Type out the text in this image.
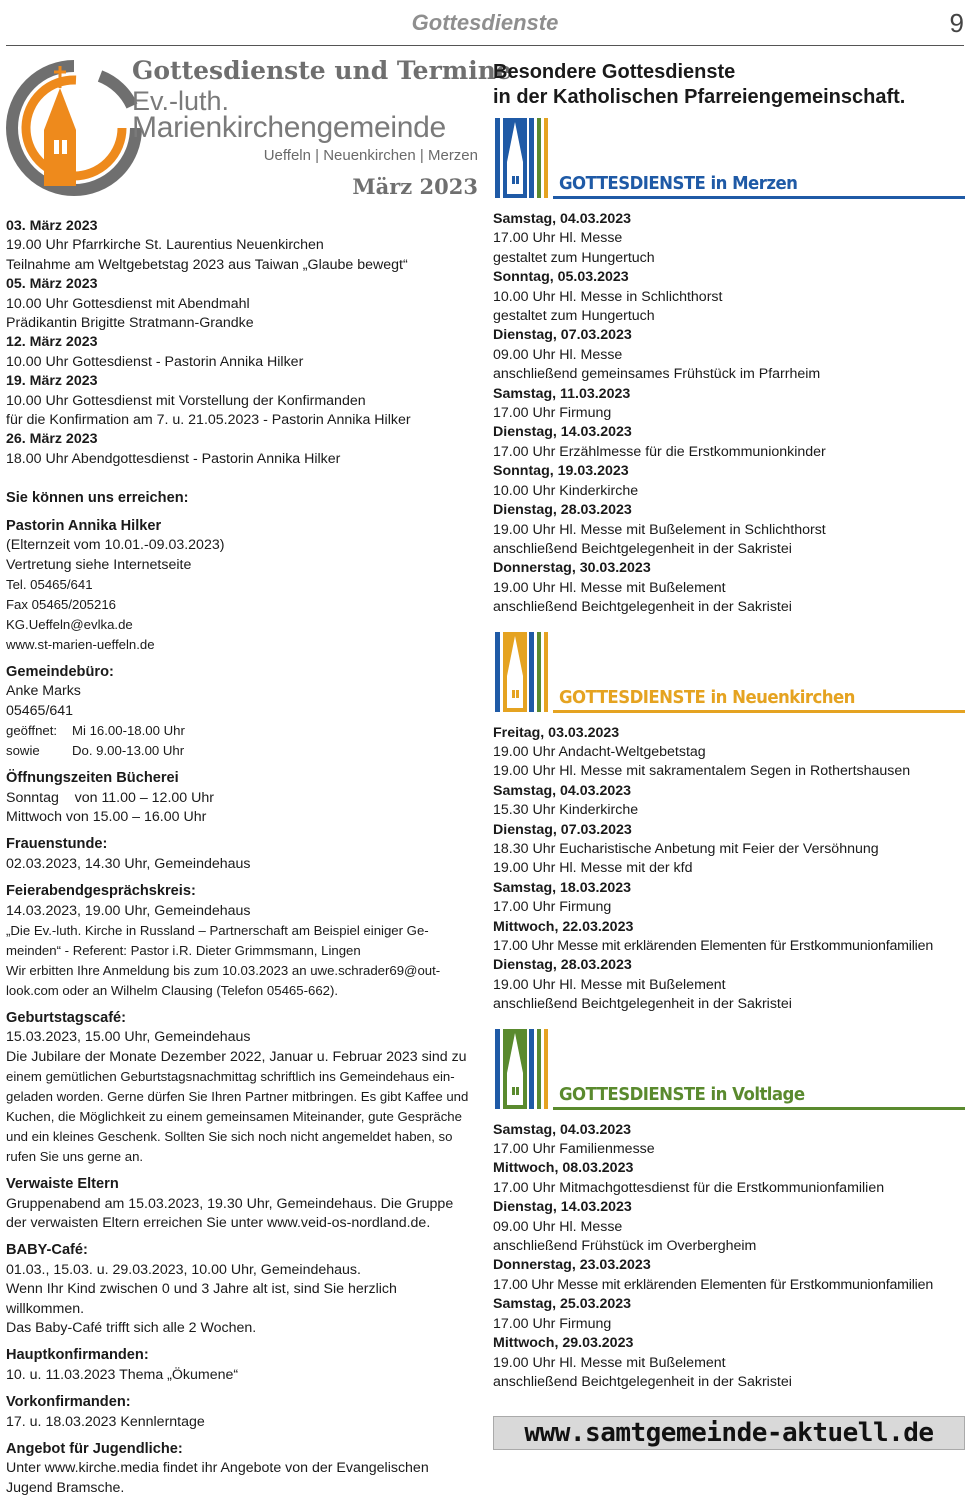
Gottesdienste	9
Gottesdienste und Termine
Ev.-luth.
Marienkirchengemeinde
Ueffeln | Neuenkirchen | Merzen
März 2023
03. März 2023
19.00 Uhr Pfarrkirche St. Laurentius Neuenkirchen
Teilnahme am Weltgebetstag 2023 aus Taiwan „Glaube bewegt“
05. März 2023
10.00 Uhr Gottesdienst mit Abendmahl
Prädikantin Brigitte Stratmann-Grandke
12. März 2023
10.00 Uhr Gottesdienst - Pastorin Annika Hilker
19. März 2023
10.00 Uhr Gottesdienst mit Vorstellung der Konfirmanden
für die Konfirmation am 7. u. 21.05.2023 - Pastorin Annika Hilker
26. März 2023
18.00 Uhr Abendgottesdienst - Pastorin Annika Hilker
Sie können uns erreichen:
Pastorin Annika Hilker
(Elternzeit vom 10.01.-09.03.2023)
Vertretung siehe Internetseite
Tel. 05465/641
Fax 05465/205216
KG.Ueffeln@evlka.de
www.st-marien-ueffeln.de
Gemeindebüro:
Anke Marks
05465/641
geöffnet: Mi 16.00-18.00 Uhr
sowie Do. 9.00-13.00 Uhr
Öffnungszeiten Bücherei
Sonntag    von 11.00 – 12.00 Uhr
Mittwoch von 15.00 – 16.00 Uhr
Frauenstunde:
02.03.2023, 14.30 Uhr, Gemeindehaus
Feierabendgesprächskreis:
14.03.2023, 19.00 Uhr, Gemeindehaus
„Die Ev.-luth. Kirche in Russland – Partnerschaft am Beispiel einiger Ge-
meinden“ - Referent: Pastor i.R. Dieter Grimmsmann, Lingen
Wir erbitten Ihre Anmeldung bis zum 10.03.2023 an uwe.schrader69@out-
look.com oder an Wilhelm Clausing (Telefon 05465-662).
Geburtstagscafé:
15.03.2023, 15.00 Uhr, Gemeindehaus
Die Jubilare der Monate Dezember 2022, Januar u. Februar 2023 sind zu
einem gemütlichen Geburtstagsnachmittag schriftlich ins Gemeindehaus ein-
geladen worden. Gerne dürfen Sie Ihren Partner mitbringen. Es gibt Kaffee und
Kuchen, die Möglichkeit zu einem gemeinsamen Miteinander, gute Gespräche
und ein kleines Geschenk. Sollten Sie sich noch nicht angemeldet haben, so
rufen Sie uns gerne an.
Verwaiste Eltern
Gruppenabend am 15.03.2023, 19.30 Uhr, Gemeindehaus. Die Gruppe
der verwaisten Eltern erreichen Sie unter www.veid-os-nordland.de.
BABY-Café:
01.03., 15.03. u. 29.03.2023, 10.00 Uhr, Gemeindehaus.
Wenn Ihr Kind zwischen 0 und 3 Jahre alt ist, sind Sie herzlich willkommen.
Das Baby-Café trifft sich alle 2 Wochen.
Hauptkonfirmanden:
10. u. 11.03.2023 Thema „Ökumene“
Vorkonfirmanden:
17. u. 18.03.2023 Kennlerntage
Angebot für Jugendliche:
Unter www.kirche.media findet ihr Angebote von der Evangelischen
Jugend Bramsche.
Besondere Gottesdienste
in der Katholischen Pfarreiengemeinschaft.
GOTTESDIENSTE in Merzen
Samstag, 04.03.2023
17.00 Uhr Hl. Messe
gestaltet zum Hungertuch
Sonntag, 05.03.2023
10.00 Uhr Hl. Messe in Schlichthorst
gestaltet zum Hungertuch
Dienstag, 07.03.2023
09.00 Uhr Hl. Messe
anschließend gemeinsames Frühstück im Pfarrheim
Samstag, 11.03.2023
17.00 Uhr Firmung
Dienstag, 14.03.2023
17.00 Uhr Erzählmesse für die Erstkommunionkinder
Sonntag, 19.03.2023
10.00 Uhr Kinderkirche
Dienstag, 28.03.2023
19.00 Uhr Hl. Messe mit Bußelement in Schlichthorst
anschließend Beichtgelegenheit in der Sakristei
Donnerstag, 30.03.2023
19.00 Uhr Hl. Messe mit Bußelement
anschließend Beichtgelegenheit in der Sakristei
GOTTESDIENSTE in Neuenkirchen
Freitag, 03.03.2023
19.00 Uhr Andacht-Weltgebetstag
19.00 Uhr Hl. Messe mit sakramentalem Segen in Rothertshausen
Samstag, 04.03.2023
15.30 Uhr Kinderkirche
Dienstag, 07.03.2023
18.30 Uhr Eucharistische Anbetung mit Feier der Versöhnung
19.00 Uhr Hl. Messe mit der kfd
Samstag, 18.03.2023
17.00 Uhr Firmung
Mittwoch, 22.03.2023
17.00 Uhr Messe mit erklärenden Elementen für Erstkommunionfamilien
Dienstag, 28.03.2023
19.00 Uhr Hl. Messe mit Bußelement
anschließend Beichtgelegenheit in der Sakristei
GOTTESDIENSTE in Voltlage
Samstag, 04.03.2023
17.00 Uhr Familienmesse
Mittwoch, 08.03.2023
17.00 Uhr Mitmachgottesdienst für die Erstkommunionfamilien
Dienstag, 14.03.2023
09.00 Uhr Hl. Messe
anschließend Frühstück im Overbergheim
Donnerstag, 23.03.2023
17.00 Uhr Messe mit erklärenden Elementen für Erstkommunionfamilien
Samstag, 25.03.2023
17.00 Uhr Firmung
Mittwoch, 29.03.2023
19.00 Uhr Hl. Messe mit Bußelement
anschließend Beichtgelegenheit in der Sakristei
www.samtgemeinde-aktuell.de
